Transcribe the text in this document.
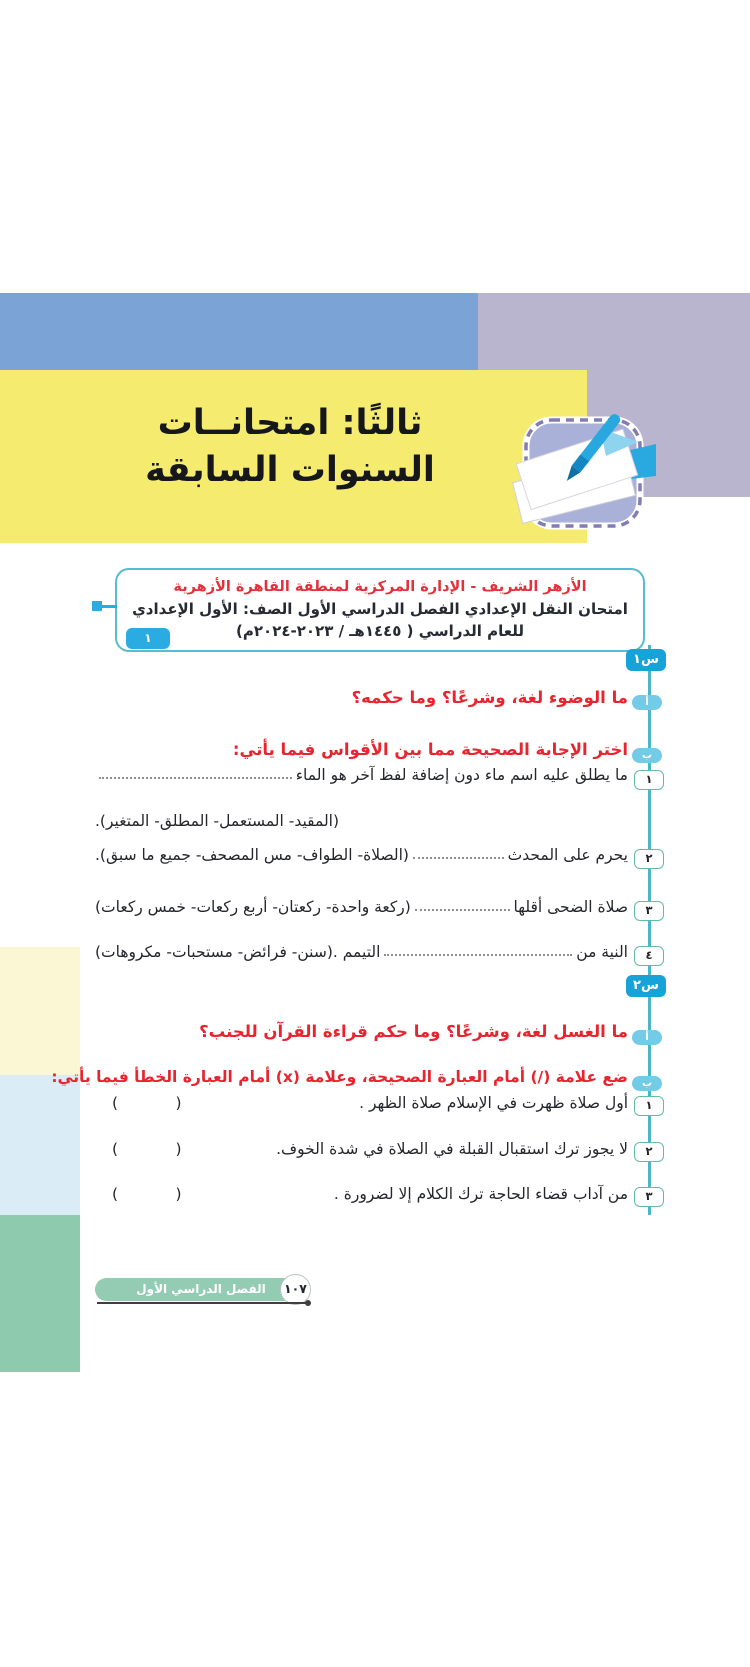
ثالثًا: امتحانــات
السنوات السابقة
الأزهر الشريف - الإدارة المركزية لمنطقة القاهرة الأزهرية
امتحان النقل الإعدادي الفصل الدراسي الأول الصف: الأول الإعدادي
للعام الدراسي ( ١٤٤٥هـ / ٢٠٢٣-٢٠٢٤م)
١
س١
أ
ما الوضوء لغة، وشرعًا؟ وما حكمه؟
ب
اختر الإجابة الصحيحة مما بين الأقواس فيما يأتي:
١
ما يطلق عليه اسم ماء دون إضافة لفظ آخر هو الماء
(المقيد- المستعمل- المطلق- المتغير).
٢
يحرم على المحدث
(الصلاة- الطواف- مس المصحف- جميع ما سبق).
٣
صلاة الضحى أقلها
(ركعة واحدة- ركعتان- أربع ركعات- خمس ركعات)
٤
النية من
التيمم .(سنن- فرائض- مستحبات- مكروهات)
س٢
أ
ما الغسل لغة، وشرعًا؟ وما حكم قراءة القرآن للجنب؟
ب
ضع علامة (/) أمام العبارة الصحيحة، وعلامة (x) أمام العبارة الخطأ فيما يأتي:
١
أول صلاة ظهرت في الإسلام صلاة الظهر .
(        )
٢
لا يجوز ترك استقبال القبلة في الصلاة في شدة الخوف.
(        )
٣
من آداب قضاء الحاجة ترك الكلام إلا لضرورة .
(        )
الفصل الدراسي الأول	١٠٧
